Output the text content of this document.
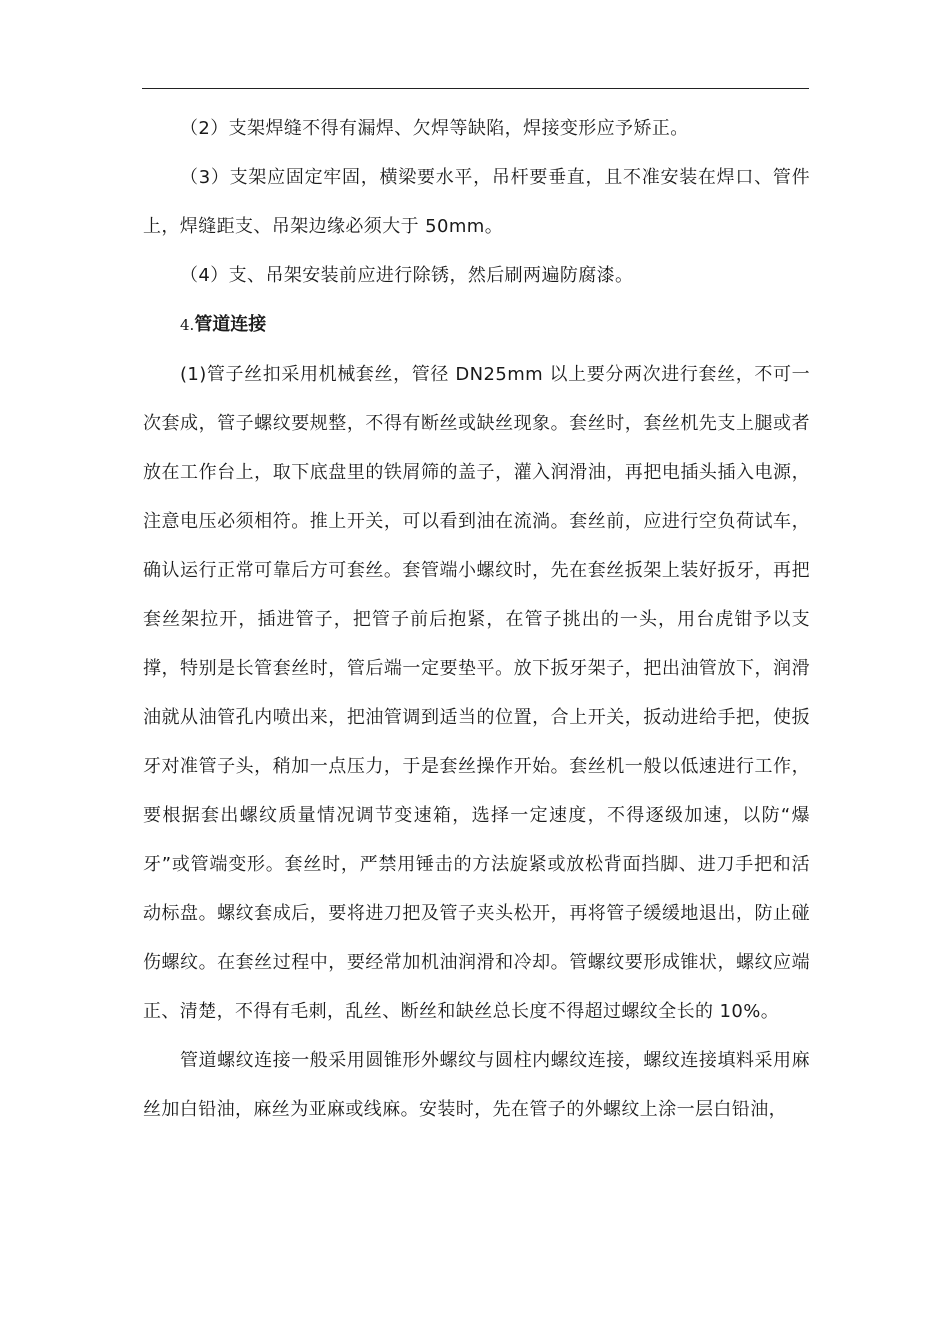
（2）支架焊缝不得有漏焊、欠焊等缺陷，焊接变形应予矫正。

（3）支架应固定牢固，横梁要水平，吊杆要垂直，且不准安装在焊口、管件上，焊缝距支、吊架边缘必须大于 50mm。

（4）支、吊架安装前应进行除锈，然后刷两遍防腐漆。

4.管道连接

(1)管子丝扣采用机械套丝，管径 DN25mm 以上要分两次进行套丝，不可一次套成，管子螺纹要规整，不得有断丝或缺丝现象。套丝时，套丝机先支上腿或者放在工作台上，取下底盘里的铁屑筛的盖子，灌入润滑油，再把电插头插入电源，注意电压必须相符。推上开关，可以看到油在流淌。套丝前，应进行空负荷试车，确认运行正常可靠后方可套丝。套管端小螺纹时，先在套丝扳架上装好扳牙，再把套丝架拉开，插进管子，把管子前后抱紧，在管子挑出的一头，用台虎钳予以支撑，特别是长管套丝时，管后端一定要垫平。放下扳牙架子，把出油管放下，润滑油就从油管孔内喷出来，把油管调到适当的位置，合上开关，扳动进给手把，使扳牙对准管子头，稍加一点压力，于是套丝操作开始。套丝机一般以低速进行工作，要根据套出螺纹质量情况调节变速箱，选择一定速度，不得逐级加速，以防“爆牙”或管端变形。套丝时，严禁用锤击的方法旋紧或放松背面挡脚、进刀手把和活动标盘。螺纹套成后，要将进刀把及管子夹头松开，再将管子缓缓地退出，防止碰伤螺纹。在套丝过程中，要经常加机油润滑和冷却。管螺纹要形成锥状，螺纹应端正、清楚，不得有毛刺，乱丝、断丝和缺丝总长度不得超过螺纹全长的 10%。

管道螺纹连接一般采用圆锥形外螺纹与圆柱内螺纹连接，螺纹连接填料采用麻丝加白铅油，麻丝为亚麻或线麻。安装时，先在管子的外螺纹上涂一层白铅油，
